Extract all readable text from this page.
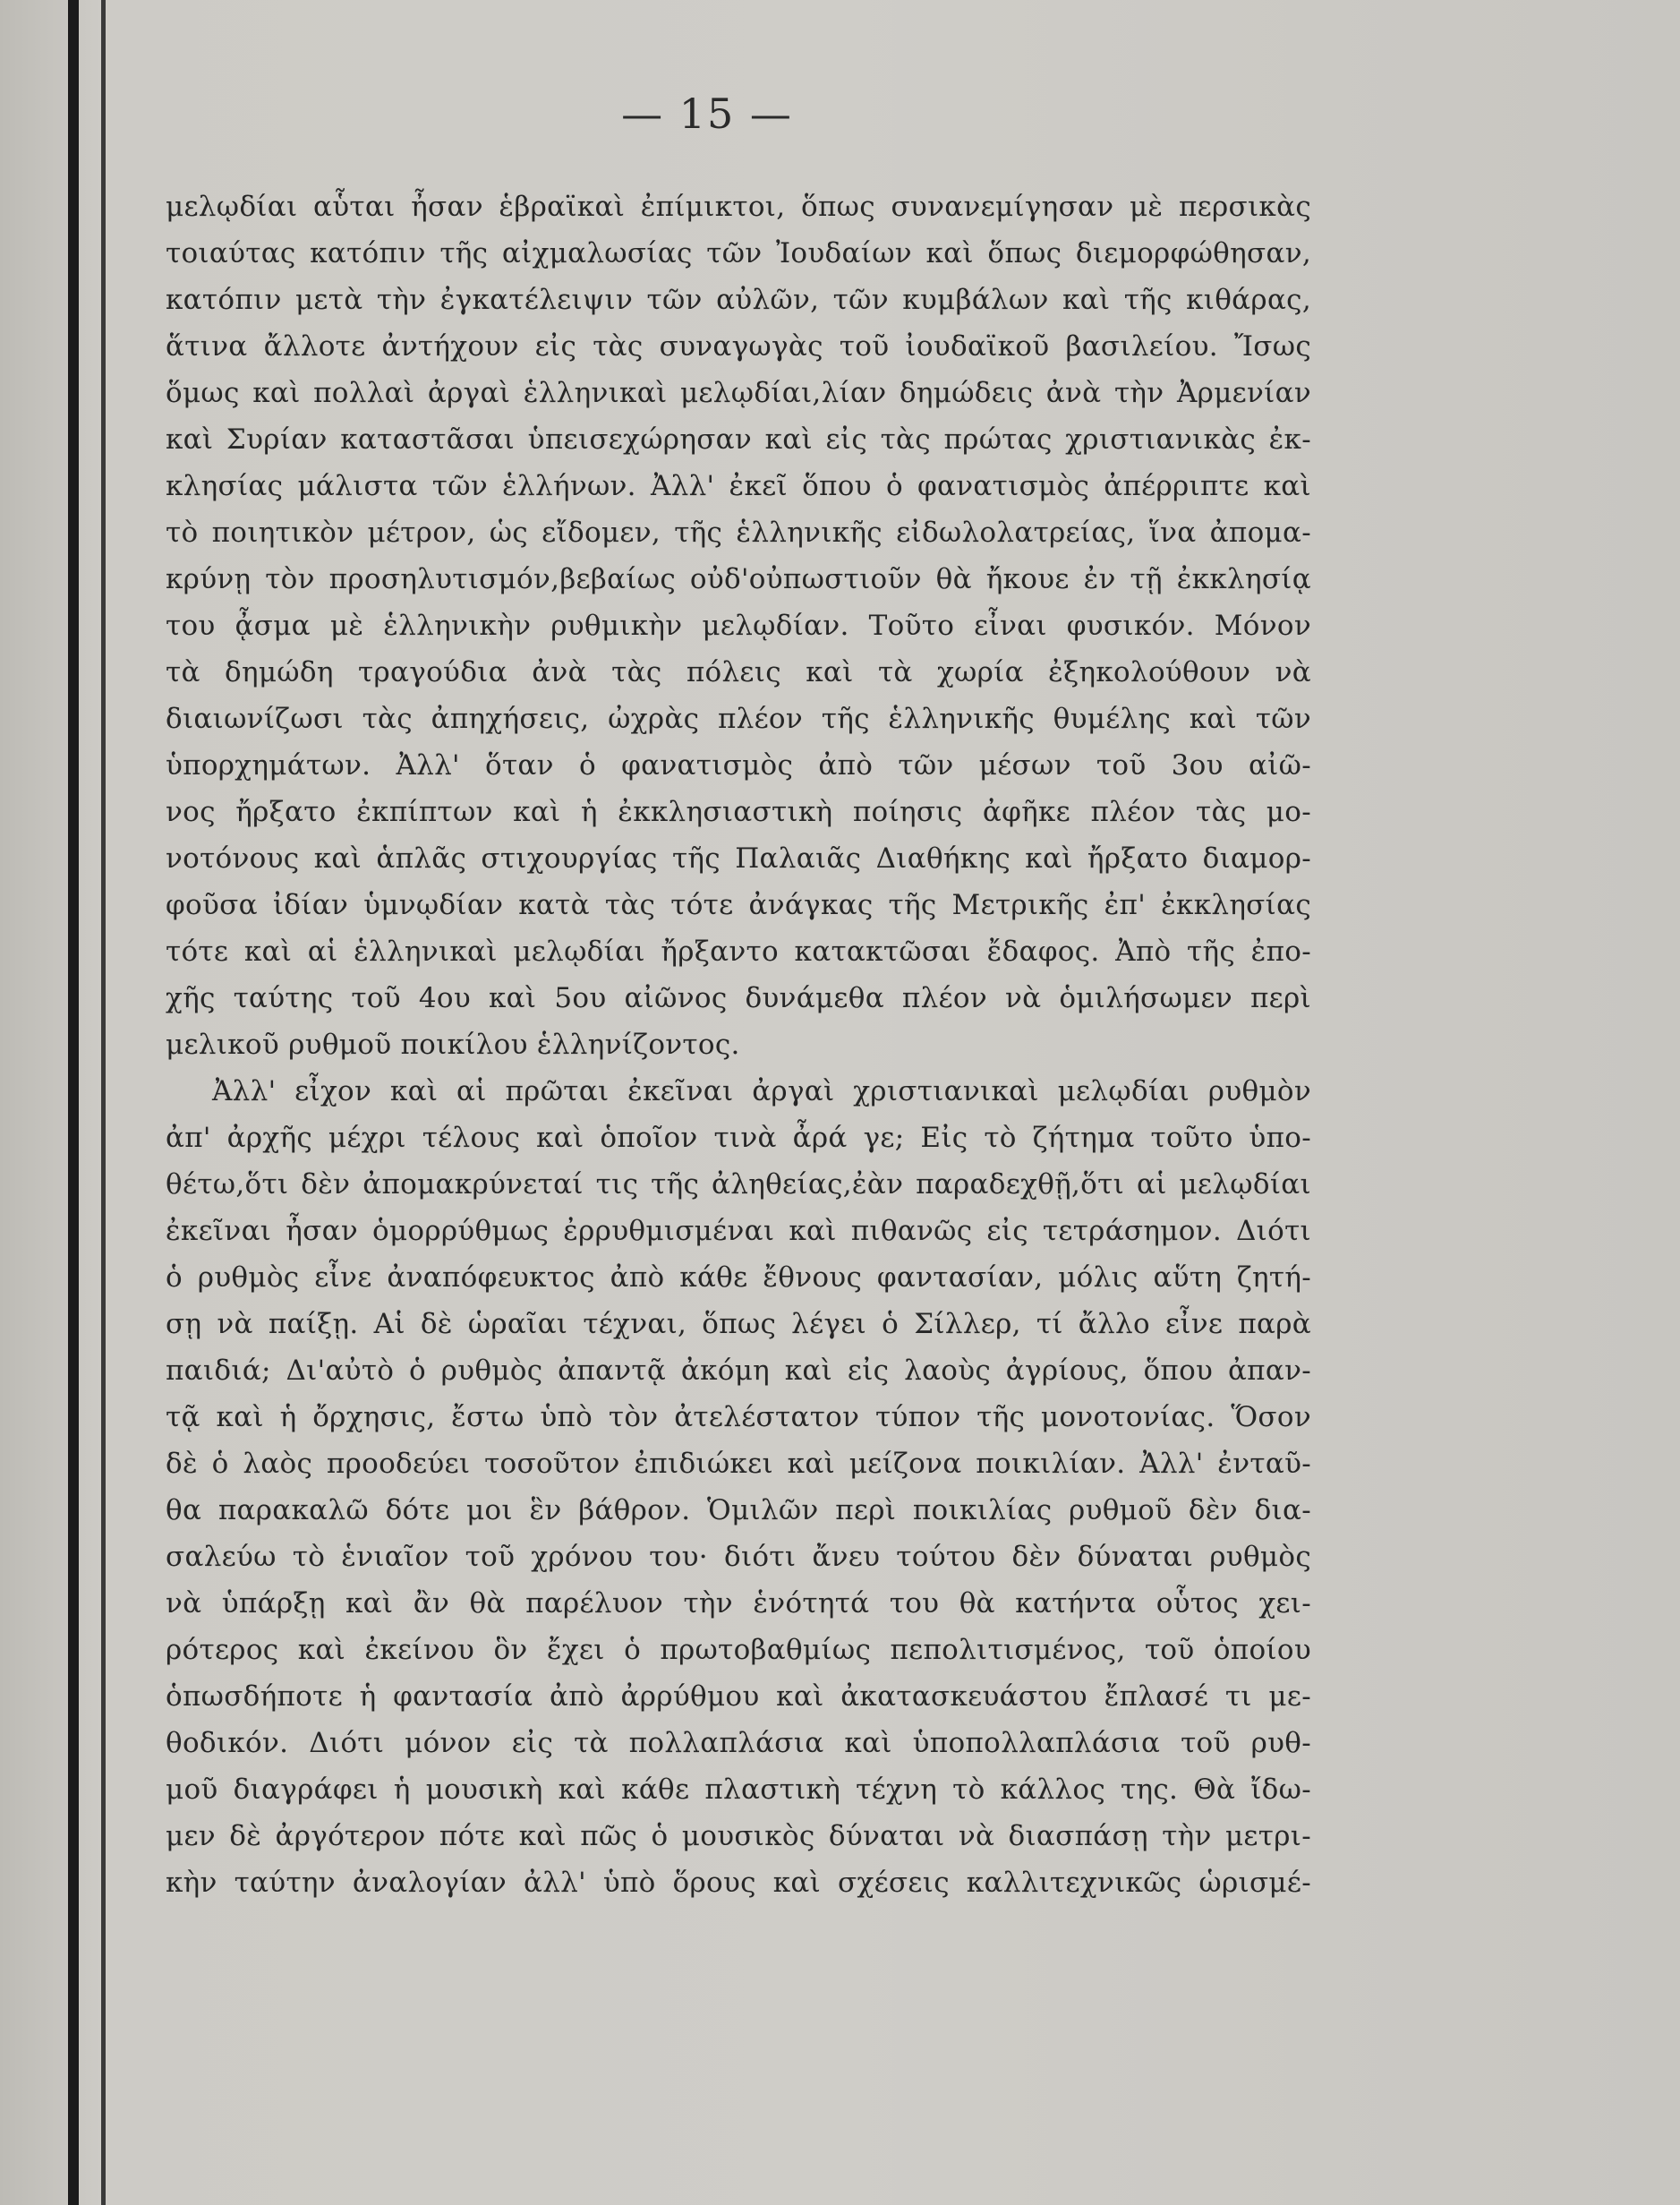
— 15 —
μελῳδίαι αὗται ἦσαν ἑβραϊκαὶ ἐπίμικτοι, ὅπως συνανεμίγησαν μὲ περσικὰς
τοιαύτας κατόπιν τῆς αἰχμαλωσίας τῶν Ἰουδαίων καὶ ὅπως διεμορφώθησαν,
κατόπιν μετὰ τὴν ἐγκατέλειψιν τῶν αὐλῶν, τῶν κυμβάλων καὶ τῆς κιθάρας,
ἅτινα ἄλλοτε ἀντήχουν εἰς τὰς συναγωγὰς τοῦ ἰουδαϊκοῦ βασιλείου. Ἴσως
ὅμως καὶ πολλαὶ ἀργαὶ ἑλληνικαὶ μελῳδίαι,λίαν δημώδεις ἀνὰ τὴν Ἀρμενίαν
καὶ Συρίαν καταστᾶσαι ὑπεισεχώρησαν καὶ εἰς τὰς πρώτας χριστιανικὰς ἐκ-
κλησίας μάλιστα τῶν ἑλλήνων. Ἀλλ' ἐκεῖ ὅπου ὁ φανατισμὸς ἀπέρριπτε καὶ
τὸ ποιητικὸν μέτρον, ὡς εἴδομεν, τῆς ἑλληνικῆς εἰδωλολατρείας, ἵνα ἀπομα-
κρύνῃ τὸν προσηλυτισμόν,βεβαίως οὐδ'οὐπωστιοῦν θὰ ἤκουε ἐν τῇ ἐκκλησίᾳ
του ᾆσμα μὲ ἑλληνικὴν ρυθμικὴν μελῳδίαν. Τοῦτο εἶναι φυσικόν. Μόνον
τὰ δημώδη τραγούδια ἀνὰ τὰς πόλεις καὶ τὰ χωρία ἐξηκολούθουν νὰ
διαιωνίζωσι τὰς ἀπηχήσεις, ὠχρὰς πλέον τῆς ἑλληνικῆς θυμέλης καὶ τῶν
ὑπορχημάτων. Ἀλλ' ὅταν ὁ φανατισμὸς ἀπὸ τῶν μέσων τοῦ 3ου αἰῶ-
νος ἤρξατο ἐκπίπτων καὶ ἡ ἐκκλησιαστικὴ ποίησις ἀφῆκε πλέον τὰς μο-
νοτόνους καὶ ἁπλᾶς στιχουργίας τῆς Παλαιᾶς Διαθήκης καὶ ἤρξατο διαμορ-
φοῦσα ἰδίαν ὑμνῳδίαν κατὰ τὰς τότε ἀνάγκας τῆς Μετρικῆς ἐπ' ἐκκλησίας
τότε καὶ αἱ ἑλληνικαὶ μελῳδίαι ἤρξαντο κατακτῶσαι ἔδαφος. Ἀπὸ τῆς ἐπο-
χῆς ταύτης τοῦ 4ου καὶ 5ου αἰῶνος δυνάμεθα πλέον νὰ ὁμιλήσωμεν περὶ
μελικοῦ ρυθμοῦ ποικίλου ἑλληνίζοντος.
Ἀλλ' εἶχον καὶ αἱ πρῶται ἐκεῖναι ἀργαὶ χριστιανικαὶ μελῳδίαι ρυθμὸν
ἀπ' ἀρχῆς μέχρι τέλους καὶ ὁποῖον τινὰ ἆρά γε; Εἰς τὸ ζήτημα τοῦτο ὑπο-
θέτω,ὅτι δὲν ἀπομακρύνεταί τις τῆς ἀληθείας,ἐὰν παραδεχθῇ,ὅτι αἱ μελῳδίαι
ἐκεῖναι ἦσαν ὁμορρύθμως ἐρρυθμισμέναι καὶ πιθανῶς εἰς τετράσημον. Διότι
ὁ ρυθμὸς εἶνε ἀναπόφευκτος ἀπὸ κάθε ἔθνους φαντασίαν, μόλις αὕτη ζητή-
σῃ νὰ παίξῃ. Αἱ δὲ ὡραῖαι τέχναι, ὅπως λέγει ὁ Σίλλερ, τί ἄλλο εἶνε παρὰ
παιδιά; Δι'αὐτὸ ὁ ρυθμὸς ἀπαντᾷ ἀκόμη καὶ εἰς λαοὺς ἀγρίους, ὅπου ἀπαν-
τᾷ καὶ ἡ ὄρχησις, ἔστω ὑπὸ τὸν ἀτελέστατον τύπον τῆς μονοτονίας. Ὅσον
δὲ ὁ λαὸς προοδεύει τοσοῦτον ἐπιδιώκει καὶ μείζονα ποικιλίαν. Ἀλλ' ἐνταῦ-
θα παρακαλῶ δότε μοι ἓν βάθρον. Ὁμιλῶν περὶ ποικιλίας ρυθμοῦ δὲν δια-
σαλεύω τὸ ἑνιαῖον τοῦ χρόνου του· διότι ἄνευ τούτου δὲν δύναται ρυθμὸς
νὰ ὑπάρξῃ καὶ ἂν θὰ παρέλυον τὴν ἑνότητά του θὰ κατήντα οὗτος χει-
ρότερος καὶ ἐκείνου ὃν ἔχει ὁ πρωτοβαθμίως πεπολιτισμένος, τοῦ ὁποίου
ὁπωσδήποτε ἡ φαντασία ἀπὸ ἀρρύθμου καὶ ἀκατασκευάστου ἔπλασέ τι με-
θοδικόν. Διότι μόνον εἰς τὰ πολλαπλάσια καὶ ὑποπολλαπλάσια τοῦ ρυθ-
μοῦ διαγράφει ἡ μουσικὴ καὶ κάθε πλαστικὴ τέχνη τὸ κάλλος της. Θὰ ἴδω-
μεν δὲ ἀργότερον πότε καὶ πῶς ὁ μουσικὸς δύναται νὰ διασπάσῃ τὴν μετρι-
κὴν ταύτην ἀναλογίαν ἀλλ' ὑπὸ ὅρους καὶ σχέσεις καλλιτεχνικῶς ὡρισμέ-
